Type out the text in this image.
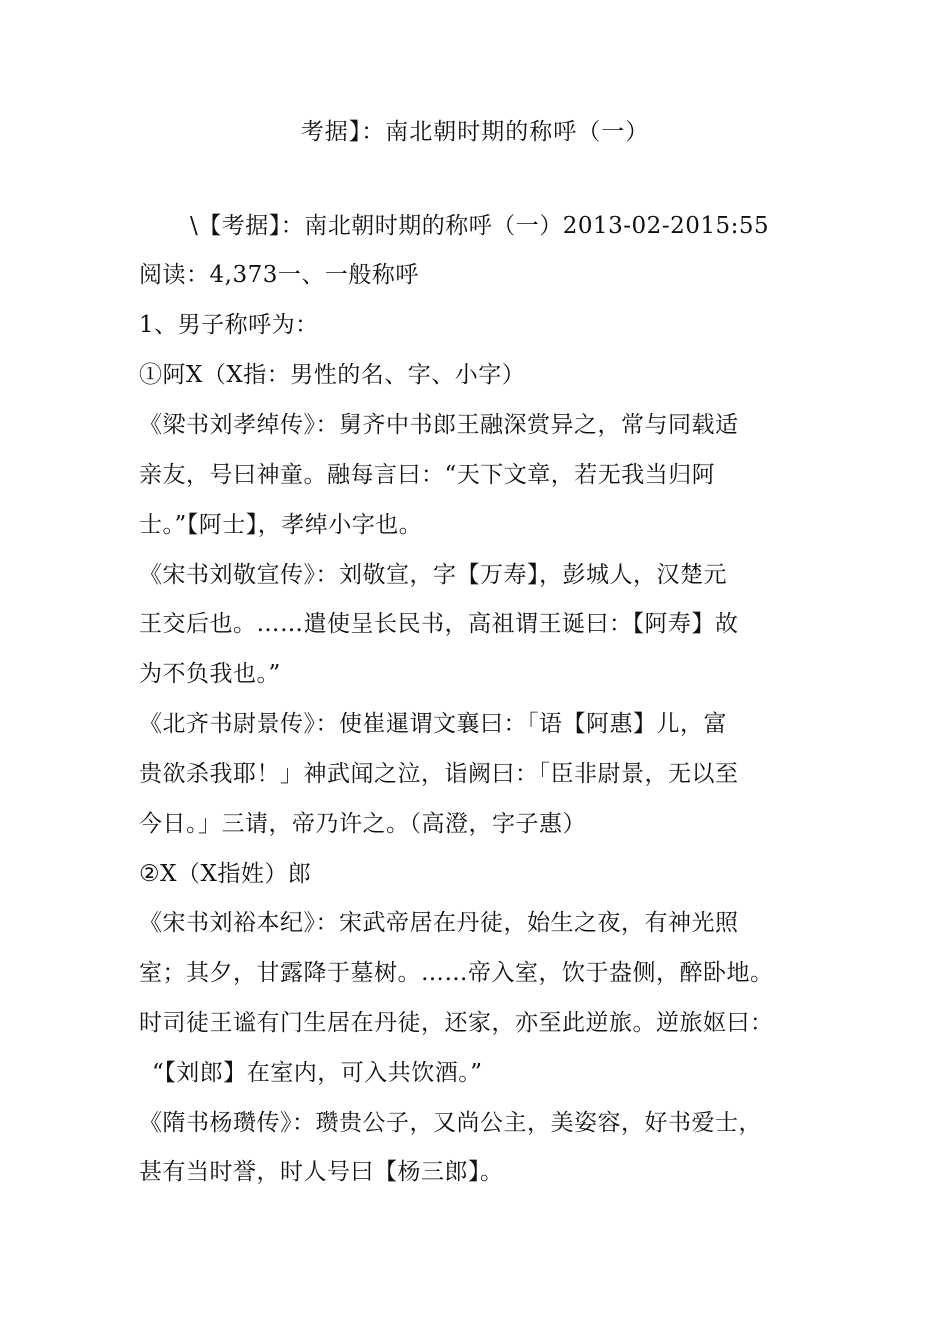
考据】：南北朝时期的称呼（一）
\【考据】：南北朝时期的称呼（一）2013-02-2015:55
阅读：4,373一、一般称呼
1、男子称呼为：
①阿X（X指：男性的名、字、小字）
《梁书刘孝绰传》：舅齐中书郎王融深赏异之，常与同载适
亲友，号曰神童。融每言曰：“天下文章，若无我当归阿
士。”【阿士】，孝绰小字也。
《宋书刘敬宣传》：刘敬宣，字【万寿】，彭城人，汉楚元
王交后也。……遣使呈长民书，高祖谓王诞曰：【阿寿】故
为不负我也。”
《北齐书尉景传》：使崔暹谓文襄曰：「语【阿惠】儿，富
贵欲杀我耶！」神武闻之泣，诣阙曰：「臣非尉景，无以至
今日。」三请，帝乃许之。（高澄，字子惠）
②X（X指姓）郎
《宋书刘裕本纪》：宋武帝居在丹徒，始生之夜，有神光照
室；其夕，甘露降于墓树。……帝入室，饮于盎侧，醉卧地。
时司徒王谧有门生居在丹徒，还家，亦至此逆旅。逆旅妪曰：
“【刘郎】在室内，可入共饮酒。”
《隋书杨瓒传》：瓒贵公子，又尚公主，美姿容，好书爱士，
甚有当时誉，时人号曰【杨三郎】。
